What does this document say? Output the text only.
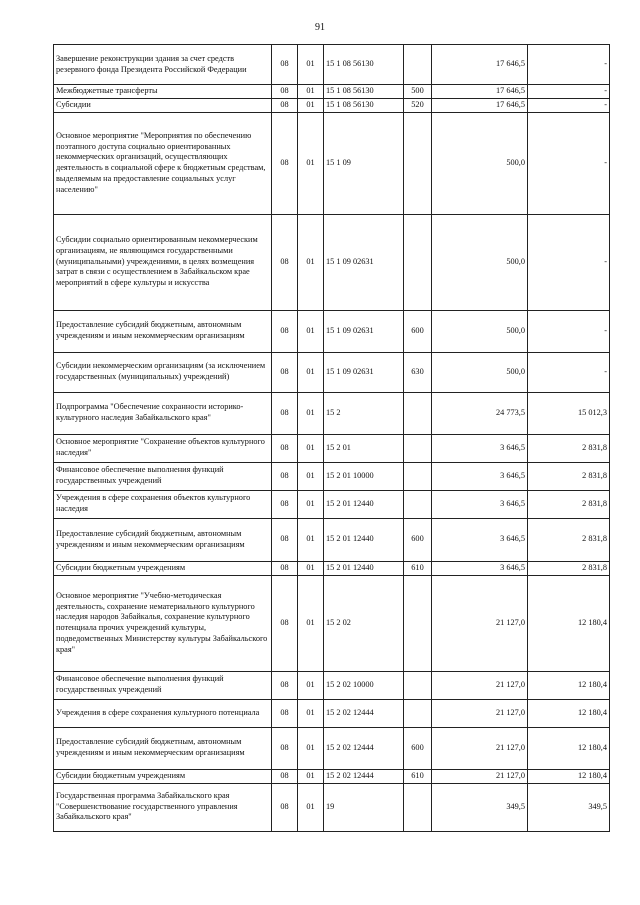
91
Завершение реконструкции здания за счет средств резервного фонда Президента Российской Федерации	08	01	15 1 08 56130		17 646,5	-
Межбюджетные трансферты	08	01	15 1 08 56130	500	17 646,5	-
Субсидии	08	01	15 1 08 56130	520	17 646,5	-
Основное мероприятие "Мероприятия по обеспечению поэтапного доступа социально ориентированных некоммерческих организаций, осуществляющих деятельность в социальной сфере к бюджетным средствам, выделяемым на предоставление социальных услуг населению"	08	01	15 1 09		500,0	-
Субсидии социально ориентированным некоммерческим организациям, не являющимся государственными (муниципальными) учреждениями, в целях возмещения затрат в связи с осуществлением в Забайкальском крае мероприятий в сфере культуры и искусства	08	01	15 1 09 02631		500,0	-
Предоставление субсидий бюджетным, автономным учреждениям и иным некоммерческим организациям	08	01	15 1 09 02631	600	500,0	-
Субсидии некоммерческим организациям (за исключением государственных (муниципальных) учреждений)	08	01	15 1 09 02631	630	500,0	-
Подпрограмма "Обеспечение сохранности историко-культурного наследия Забайкальского края"	08	01	15 2		24 773,5	15 012,3
Основное мероприятие "Сохранение объектов культурного наследия"	08	01	15 2 01		3 646,5	2 831,8
Финансовое обеспечение выполнения функций государственных учреждений	08	01	15 2 01 10000		3 646,5	2 831,8
Учреждения в сфере сохранения объектов культурного наследия	08	01	15 2 01 12440		3 646,5	2 831,8
Предоставление субсидий бюджетным, автономным учреждениям и иным некоммерческим организациям	08	01	15 2 01 12440	600	3 646,5	2 831,8
Субсидии бюджетным учреждениям	08	01	15 2 01 12440	610	3 646,5	2 831,8
Основное мероприятие "Учебно-методическая деятельность, сохранение нематериального культурного наследия народов Забайкалья, сохранение культурного потенциала прочих учреждений культуры, подведомственных Министерству культуры Забайкальского края"	08	01	15 2 02		21 127,0	12 180,4
Финансовое обеспечение выполнения функций государственных учреждений	08	01	15 2 02 10000		21 127,0	12 180,4
Учреждения в сфере сохранения культурного потенциала	08	01	15 2 02 12444		21 127,0	12 180,4
Предоставление субсидий бюджетным, автономным учреждениям и иным некоммерческим организациям	08	01	15 2 02 12444	600	21 127,0	12 180,4
Субсидии бюджетным учреждениям	08	01	15 2 02 12444	610	21 127,0	12 180,4
Государственная программа Забайкальского края "Совершенствование государственного управления Забайкальского края"	08	01	19		349,5	349,5
